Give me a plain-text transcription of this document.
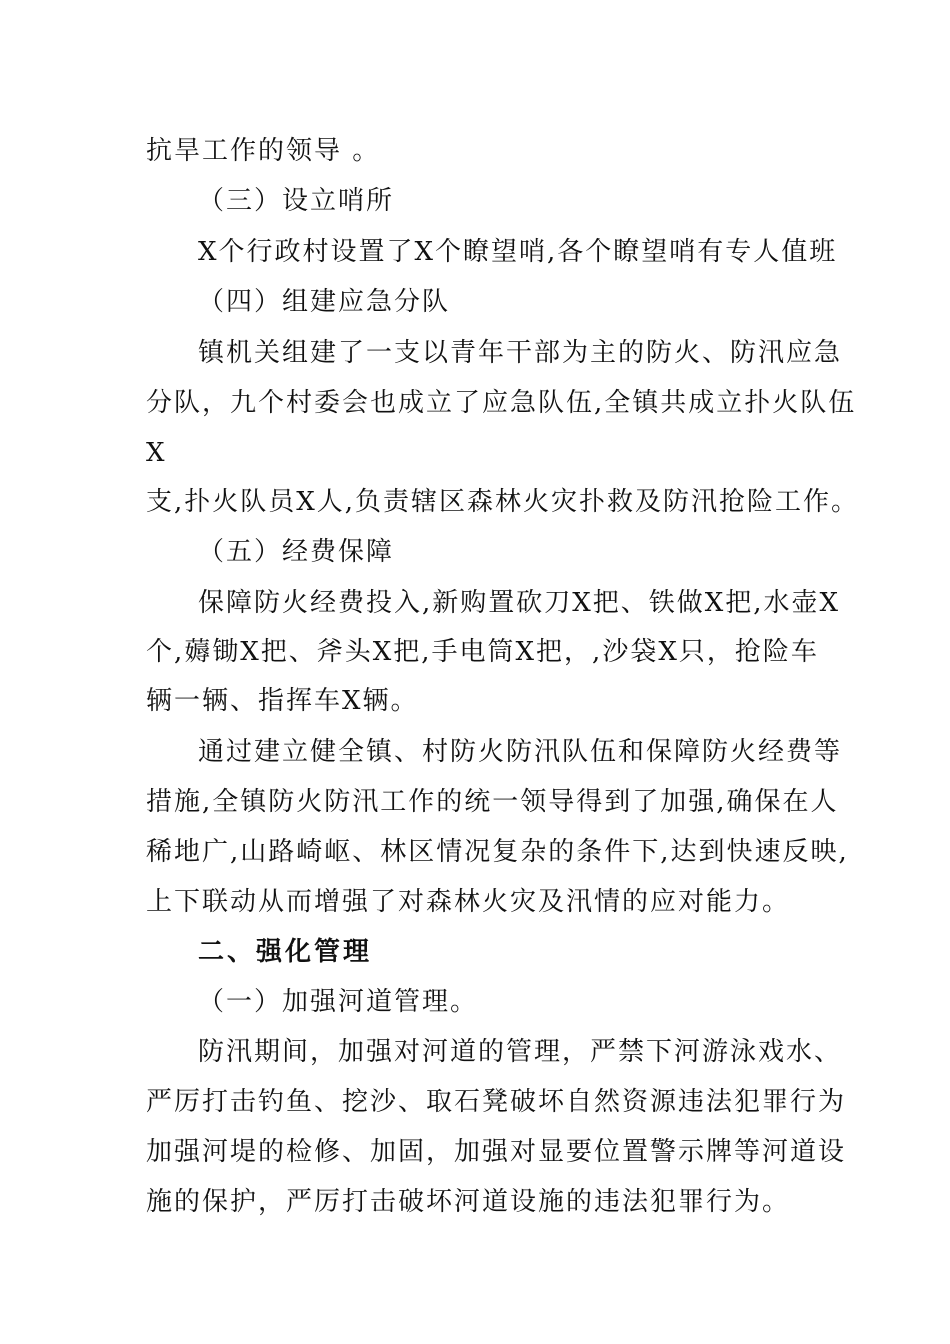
抗旱工作的领导 。
（三）设立哨所
X个行政村设置了X个瞭望哨,各个瞭望哨有专人值班
（四）组建应急分队
镇机关组建了一支以青年干部为主的防火、防汛应急
分队，九个村委会也成立了应急队伍,全镇共成立扑火队伍
X
支,扑火队员X人,负责辖区森林火灾扑救及防汛抢险工作。
（五）经费保障
保障防火经费投入,新购置砍刀X把、铁做X把,水壶X
个,薅锄X把、斧头X把,手电筒X把，,沙袋X只，抢险车
辆一辆、指挥车X辆。
通过建立健全镇、村防火防汛队伍和保障防火经费等
措施,全镇防火防汛工作的统一领导得到了加强,确保在人
稀地广,山路崎岖、林区情况复杂的条件下,达到快速反映,
上下联动从而增强了对森林火灾及汛情的应对能力。
二、强化管理
（一）加强河道管理。
防汛期间，加强对河道的管理，严禁下河游泳戏水、
严厉打击钓鱼、挖沙、取石凳破坏自然资源违法犯罪行为
加强河堤的检修、加固，加强对显要位置警示牌等河道设
施的保护，严厉打击破坏河道设施的违法犯罪行为。
